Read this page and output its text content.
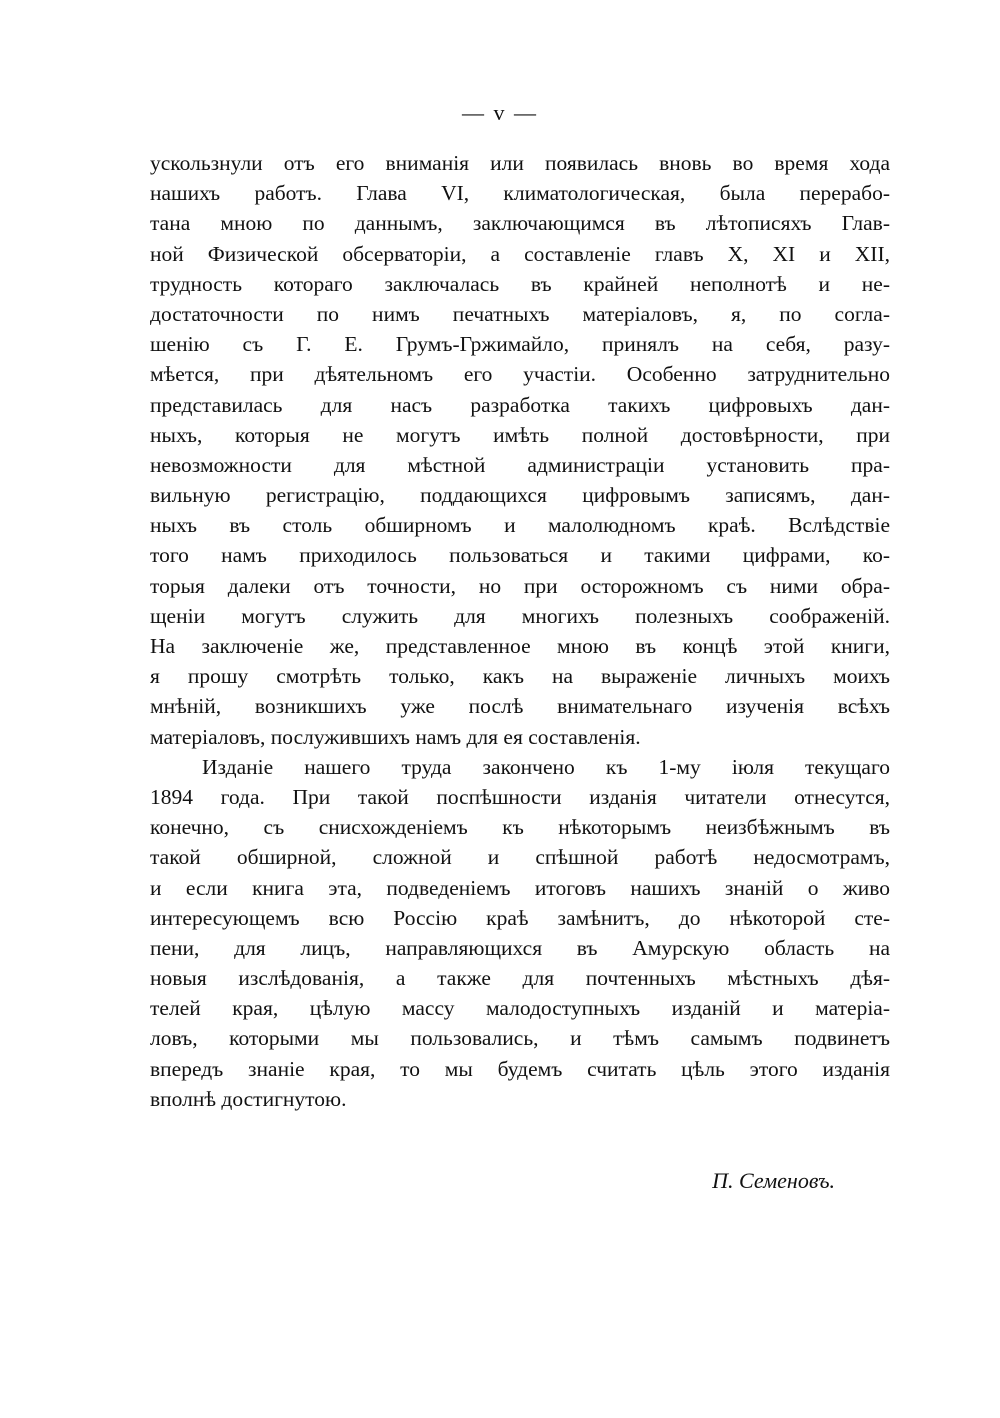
— v —
ускользнули отъ его вниманія или появилась вновь во время хода
нашихъ работъ. Глава VI, климатологическая, была перерабо-
тана мною по даннымъ, заключающимся въ лѣтописяхъ Глав-
ной Физической обсерваторіи, а составленіе главъ X, XI и XII,
трудность котораго заключалась въ крайней неполнотѣ и не-
достаточности по нимъ печатныхъ матеріаловъ, я, по согла-
шенію съ Г. Е. Грумъ-Гржимайло, принялъ на себя, разу-
мѣется, при дѣятельномъ его участіи. Особенно затруднительно
представилась для насъ разработка такихъ цифровыхъ дан-
ныхъ, которыя не могутъ имѣть полной достовѣрности, при
невозможности для мѣстной администраціи установить пра-
вильную регистрацію, поддающихся цифровымъ записямъ, дан-
ныхъ въ столь обширномъ и малолюдномъ краѣ. Вслѣдствіе
того намъ приходилось пользоваться и такими цифрами, ко-
торыя далеки отъ точности, но при осторожномъ съ ними обра-
щеніи могутъ служить для многихъ полезныхъ соображеній.
На заключеніе же, представленное мною въ концѣ этой книги,
я прошу смотрѣть только, какъ на выраженіе личныхъ моихъ
мнѣній, возникшихъ уже послѣ внимательнаго изученія всѣхъ
матеріаловъ, послужившихъ намъ для ея составленія.
Изданіе нашего труда закончено къ 1-му іюля текущаго
1894 года. При такой поспѣшности изданія читатели отнесутся,
конечно, съ снисхожденіемъ къ нѣкоторымъ неизбѣжнымъ въ
такой обширной, сложной и спѣшной работѣ недосмотрамъ,
и если книга эта, подведеніемъ итоговъ нашихъ знаній о живо
интересующемъ всю Россію краѣ замѣнитъ, до нѣкоторой сте-
пени, для лицъ, направляющихся въ Амурскую область на
новыя изслѣдованія, а также для почтенныхъ мѣстныхъ дѣя-
телей края, цѣлую массу малодоступныхъ изданій и матеріа-
ловъ, которыми мы пользовались, и тѣмъ самымъ подвинетъ
впередъ знаніе края, то мы будемъ считать цѣль этого изданія
вполнѣ достигнутою.
П. Семеновъ.
